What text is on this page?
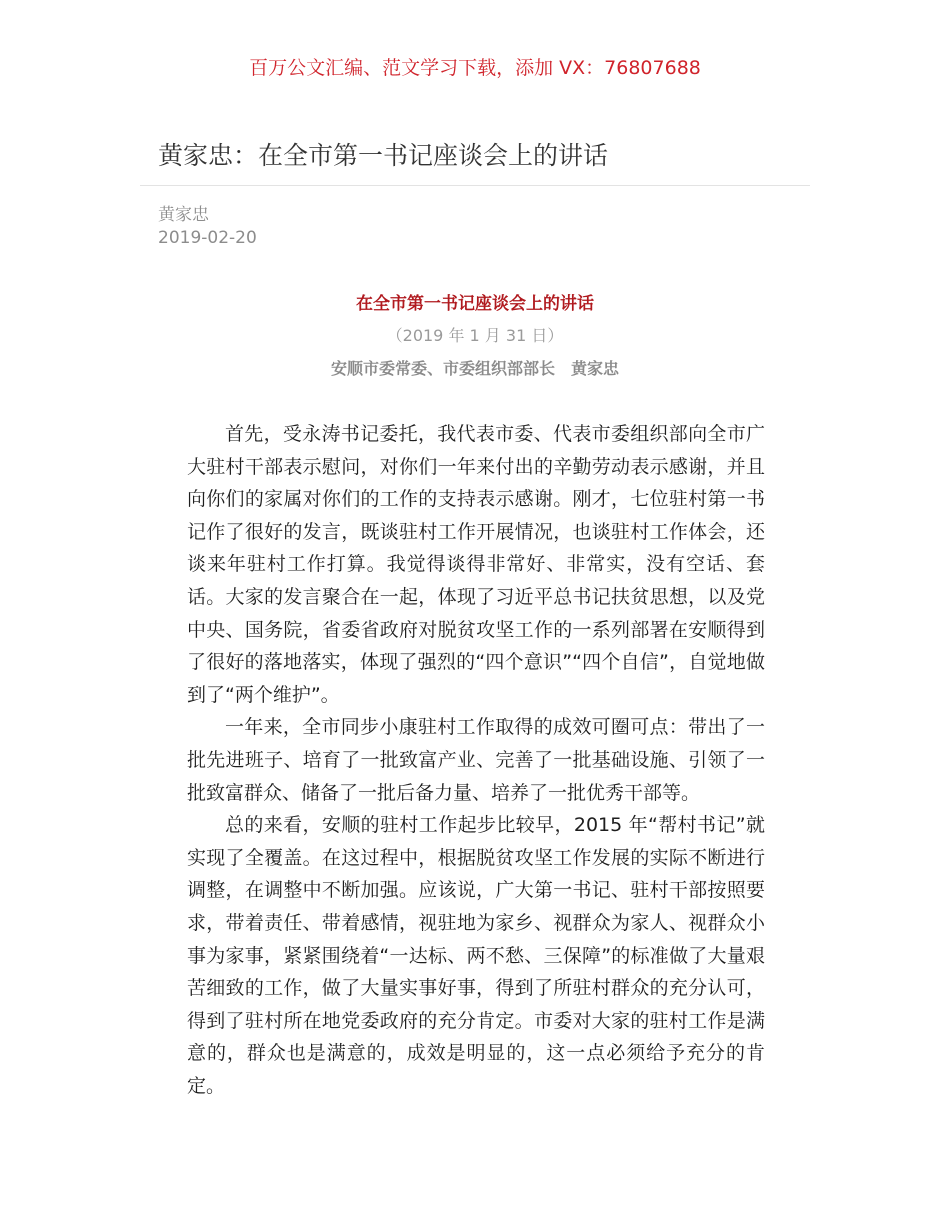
百万公文汇编、范文学习下载，添加 VX：76807688
黄家忠：在全市第一书记座谈会上的讲话
黄家忠
2019-02-20
在全市第一书记座谈会上的讲话
（2019 年 1 月 31 日）
安顺市委常委、市委组织部部长　黄家忠

首先，受永涛书记委托，我代表市委、代表市委组织部向全市广大驻村干部表示慰问，对你们一年来付出的辛勤劳动表示感谢，并且向你们的家属对你们的工作的支持表示感谢。刚才，七位驻村第一书记作了很好的发言，既谈驻村工作开展情况，也谈驻村工作体会，还谈来年驻村工作打算。我觉得谈得非常好、非常实，没有空话、套话。大家的发言聚合在一起，体现了习近平总书记扶贫思想，以及党中央、国务院，省委省政府对脱贫攻坚工作的一系列部署在安顺得到了很好的落地落实，体现了强烈的“四个意识”“四个自信”，自觉地做到了“两个维护”。

一年来，全市同步小康驻村工作取得的成效可圈可点：带出了一批先进班子、培育了一批致富产业、完善了一批基础设施、引领了一批致富群众、储备了一批后备力量、培养了一批优秀干部等。

总的来看，安顺的驻村工作起步比较早，2015 年“帮村书记”就实现了全覆盖。在这过程中，根据脱贫攻坚工作发展的实际不断进行调整，在调整中不断加强。应该说，广大第一书记、驻村干部按照要求，带着责任、带着感情，视驻地为家乡、视群众为家人、视群众小事为家事，紧紧围绕着“一达标、两不愁、三保障”的标准做了大量艰苦细致的工作，做了大量实事好事，得到了所驻村群众的充分认可，得到了驻村所在地党委政府的充分肯定。市委对大家的驻村工作是满意的，群众也是满意的，成效是明显的，这一点必须给予充分的肯定。
